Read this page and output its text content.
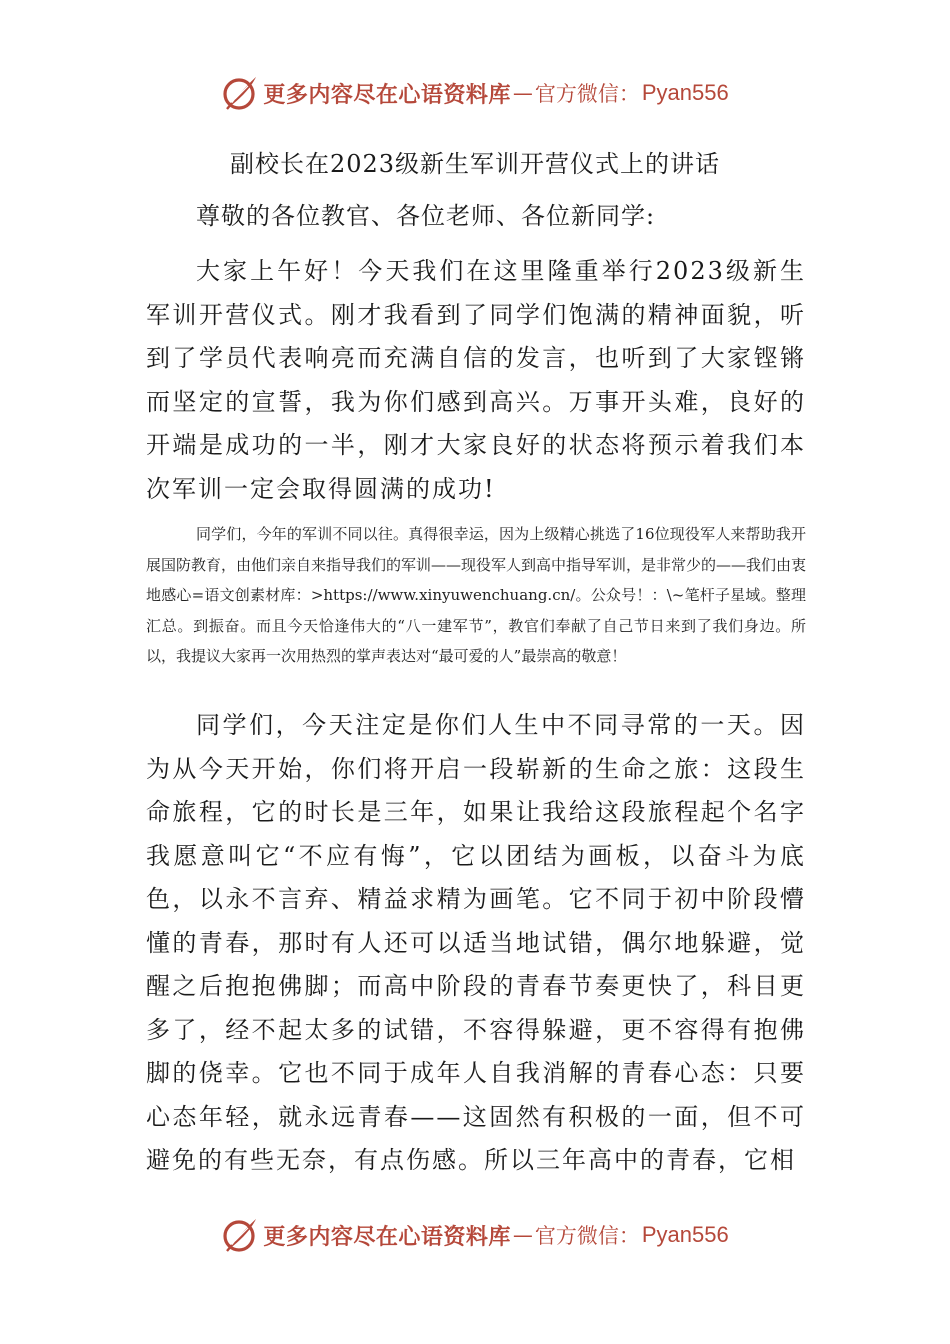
更多内容尽在心语资料库 — 官方微信： Pyan556
副校长在2023级新生军训开营仪式上的讲话
尊敬的各位教官、各位老师、各位新同学:

大家上午好！今天我们在这里隆重举行2023级新生军训开营仪式。刚才我看到了同学们饱满的精神面貌，听到了学员代表响亮而充满自信的发言，也听到了大家铿锵而坚定的宣誓，我为你们感到高兴。万事开头难，良好的开端是成功的一半，刚才大家良好的状态将预示着我们本次军训一定会取得圆满的成功!

同学们，今年的军训不同以往。真得很幸运，因为上级精心挑选了16位现役军人来帮助我开展国防教育，由他们亲自来指导我们的军训——现役军人到高中指导军训，是非常少的——我们由衷地感心=语文创素材库：>https://www.xinyuwenchuang.cn/。公众号！：\~笔杆子星域。整理汇总。到振奋。而且今天恰逢伟大的“八一建军节”，教官们奉献了自己节日来到了我们身边。所以，我提议大家再一次用热烈的掌声表达对“最可爱的人”最崇高的敬意！

同学们，今天注定是你们人生中不同寻常的一天。因为从今天开始，你们将开启一段崭新的生命之旅：这段生命旅程，它的时长是三年，如果让我给这段旅程起个名字我愿意叫它“不应有悔”，它以团结为画板，以奋斗为底色，以永不言弃、精益求精为画笔。它不同于初中阶段懵懂的青春，那时有人还可以适当地试错，偶尔地躲避，觉醒之后抱抱佛脚；而高中阶段的青春节奏更快了，科目更多了，经不起太多的试错，不容得躲避，更不容得有抱佛脚的侥幸。它也不同于成年人自我消解的青春心态：只要心态年轻，就永远青春——这固然有积极的一面，但不可避免的有些无奈，有点伤感。所以三年高中的青春，它相

更多内容尽在心语资料库 — 官方微信： Pyan556
